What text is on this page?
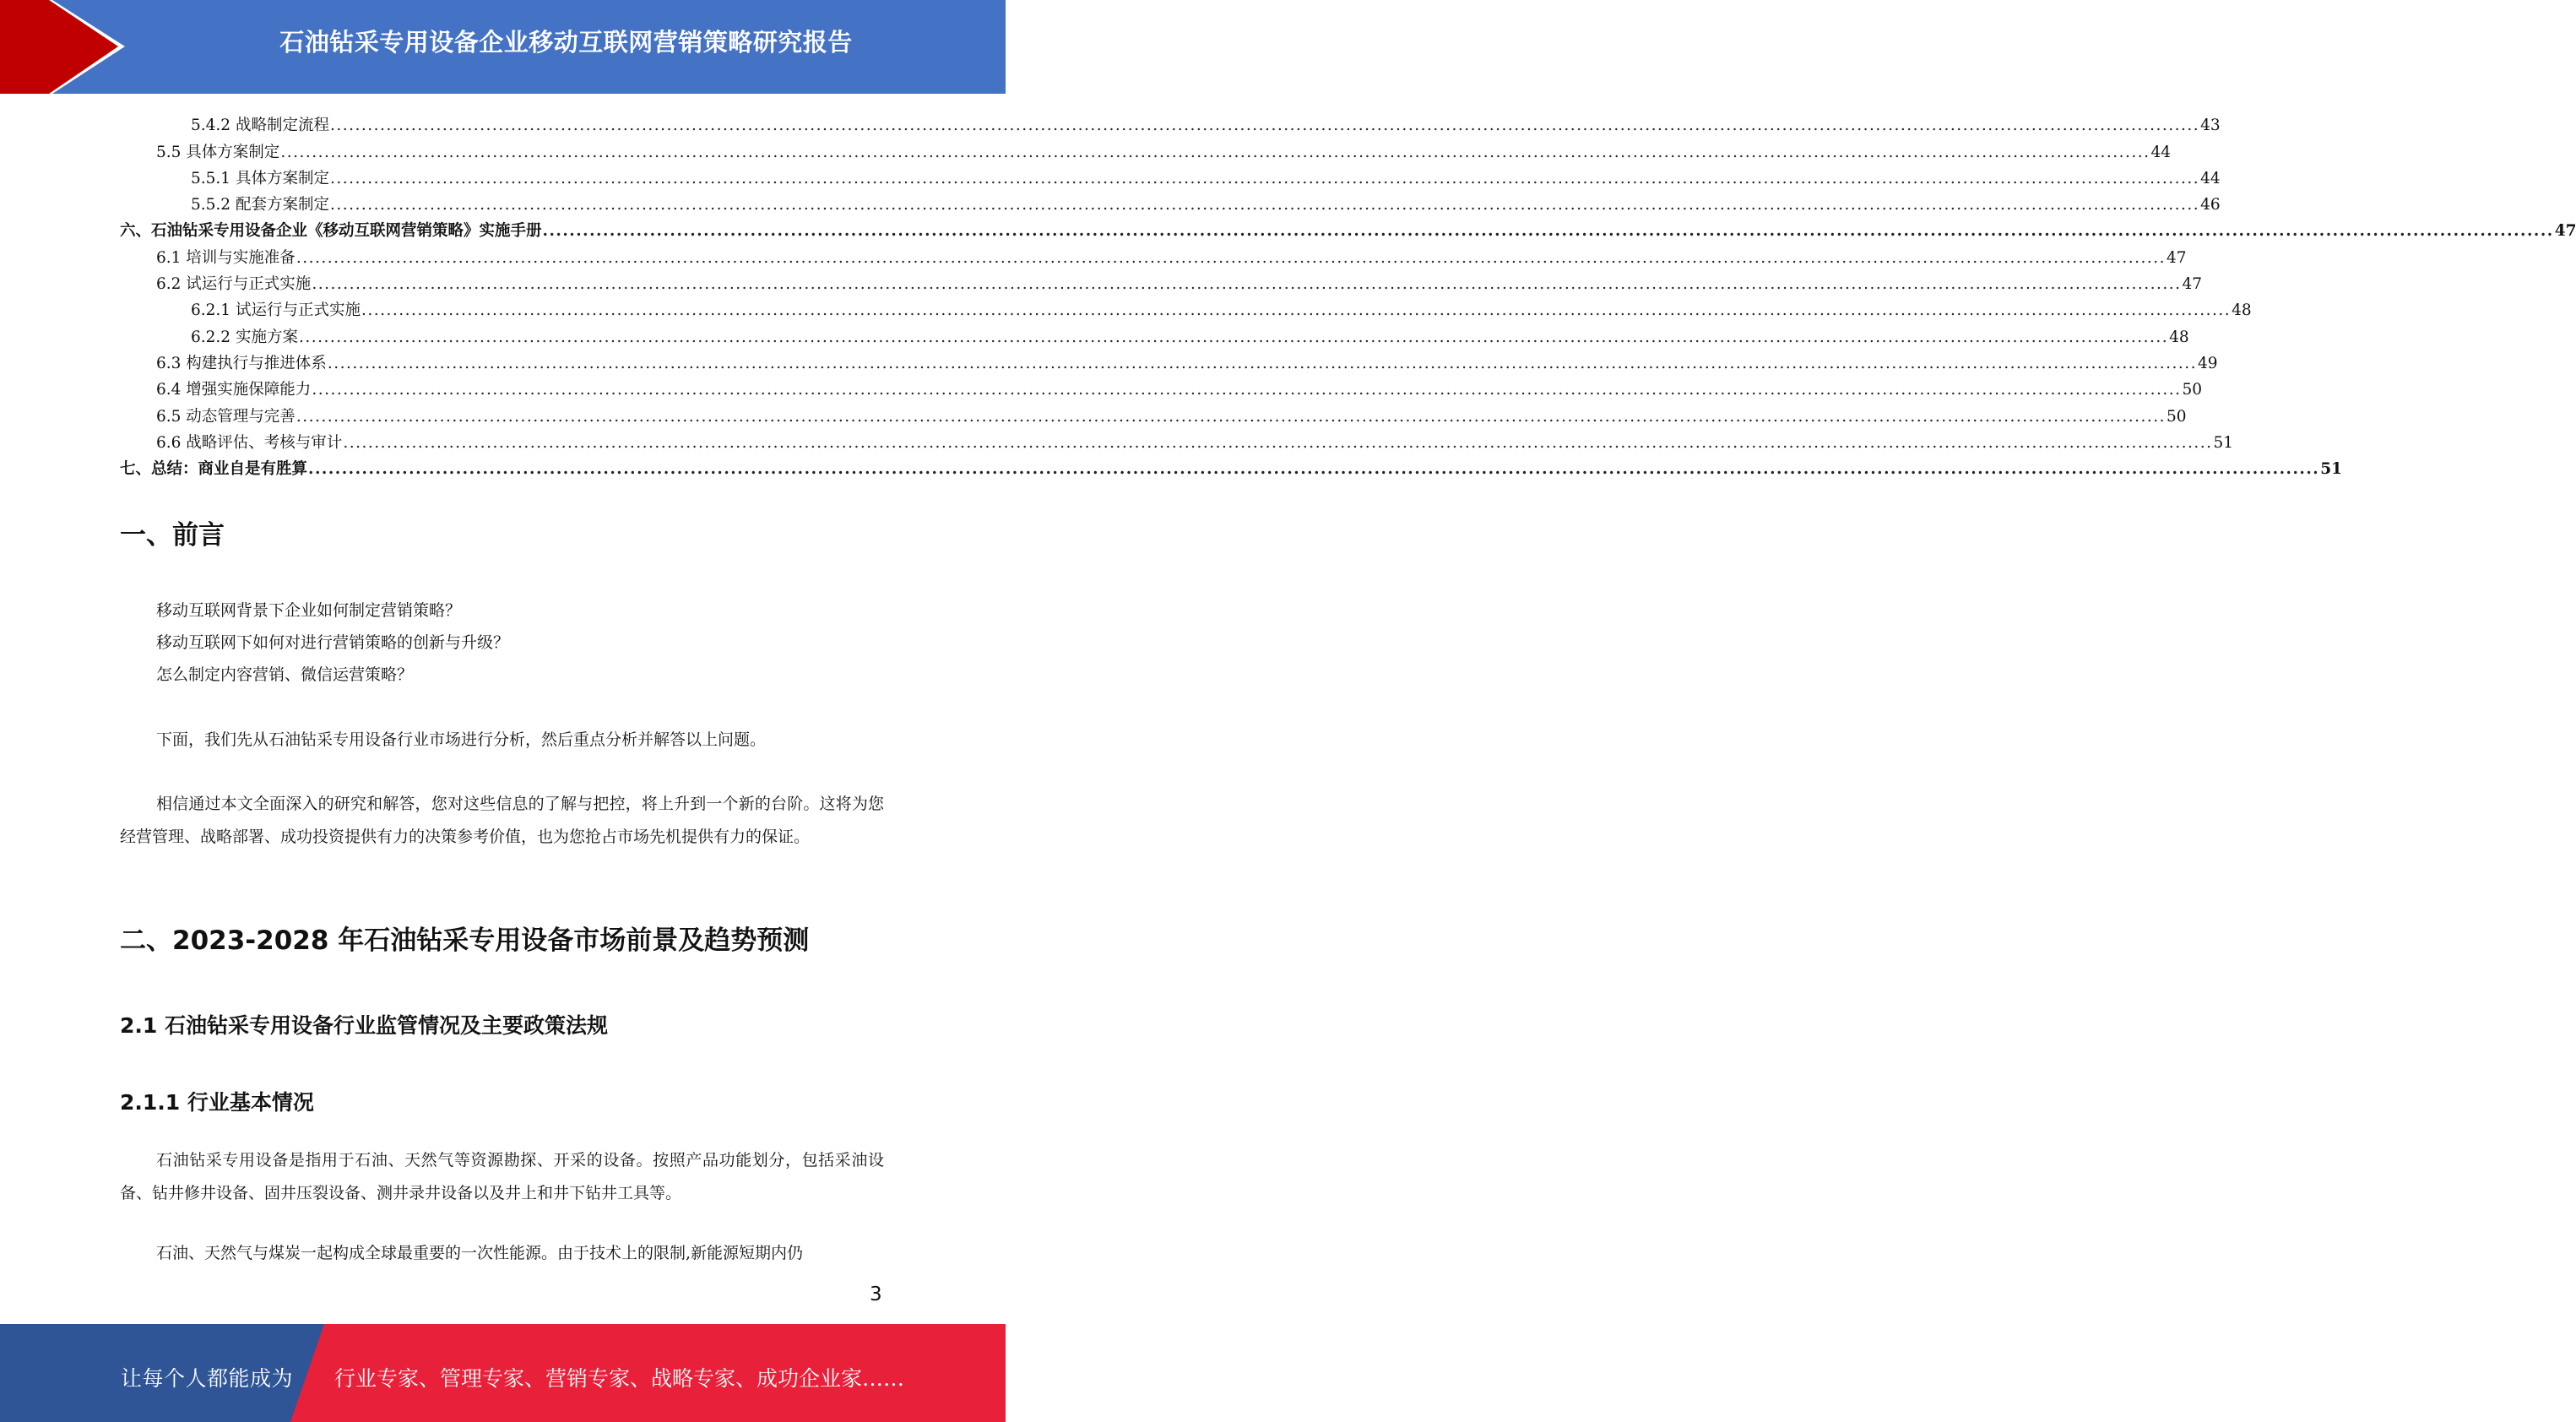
石油钻采专用设备企业移动互联网营销策略研究报告
5.4.2 战略制定流程 ............................................................................................................................................................................................................................................................................................................ 43
5.5 具体方案制定 ............................................................................................................................................................................................................................................................................................................ 44
5.5.1 具体方案制定 ............................................................................................................................................................................................................................................................................................................ 44
5.5.2 配套方案制定 ............................................................................................................................................................................................................................................................................................................ 46
六、石油钻采专用设备企业《移动互联网营销策略》实施手册 ............................................................................................................................................................................................................................................................................................................ 47
6.1 培训与实施准备 ............................................................................................................................................................................................................................................................................................................ 47
6.2 试运行与正式实施 ............................................................................................................................................................................................................................................................................................................ 47
6.2.1 试运行与正式实施 ............................................................................................................................................................................................................................................................................................................ 48
6.2.2 实施方案 ............................................................................................................................................................................................................................................................................................................ 48
6.3 构建执行与推进体系 ............................................................................................................................................................................................................................................................................................................ 49
6.4 增强实施保障能力 ............................................................................................................................................................................................................................................................................................................ 50
6.5 动态管理与完善 ............................................................................................................................................................................................................................................................................................................ 50
6.6 战略评估、考核与审计 ............................................................................................................................................................................................................................................................................................................ 51
七、总结：商业自是有胜算 ............................................................................................................................................................................................................................................................................................................ 51
一、前言

移动互联网背景下企业如何制定营销策略？

移动互联网下如何对进行营销策略的创新与升级？

怎么制定内容营销、微信运营策略？

下面，我们先从石油钻采专用设备行业市场进行分析，然后重点分析并解答以上问题。

相信通过本文全面深入的研究和解答，您对这些信息的了解与把控，将上升到一个新的台阶。这将为您经营管理、战略部署、成功投资提供有力的决策参考价值，也为您抢占市场先机提供有力的保证。

二、2023-2028 年石油钻采专用设备市场前景及趋势预测
2.1 石油钻采专用设备行业监管情况及主要政策法规
2.1.1 行业基本情况

石油钻采专用设备是指用于石油、天然气等资源勘探、开采的设备。按照产品功能划分，包括采油设备、钻井修井设备、固井压裂设备、测井录井设备以及井上和井下钻井工具等。

石油、天然气与煤炭一起构成全球最重要的一次性能源。由于技术上的限制,新能源短期内仍

3
让每个人都能成为 行业专家、管理专家、营销专家、战略专家、成功企业家……
